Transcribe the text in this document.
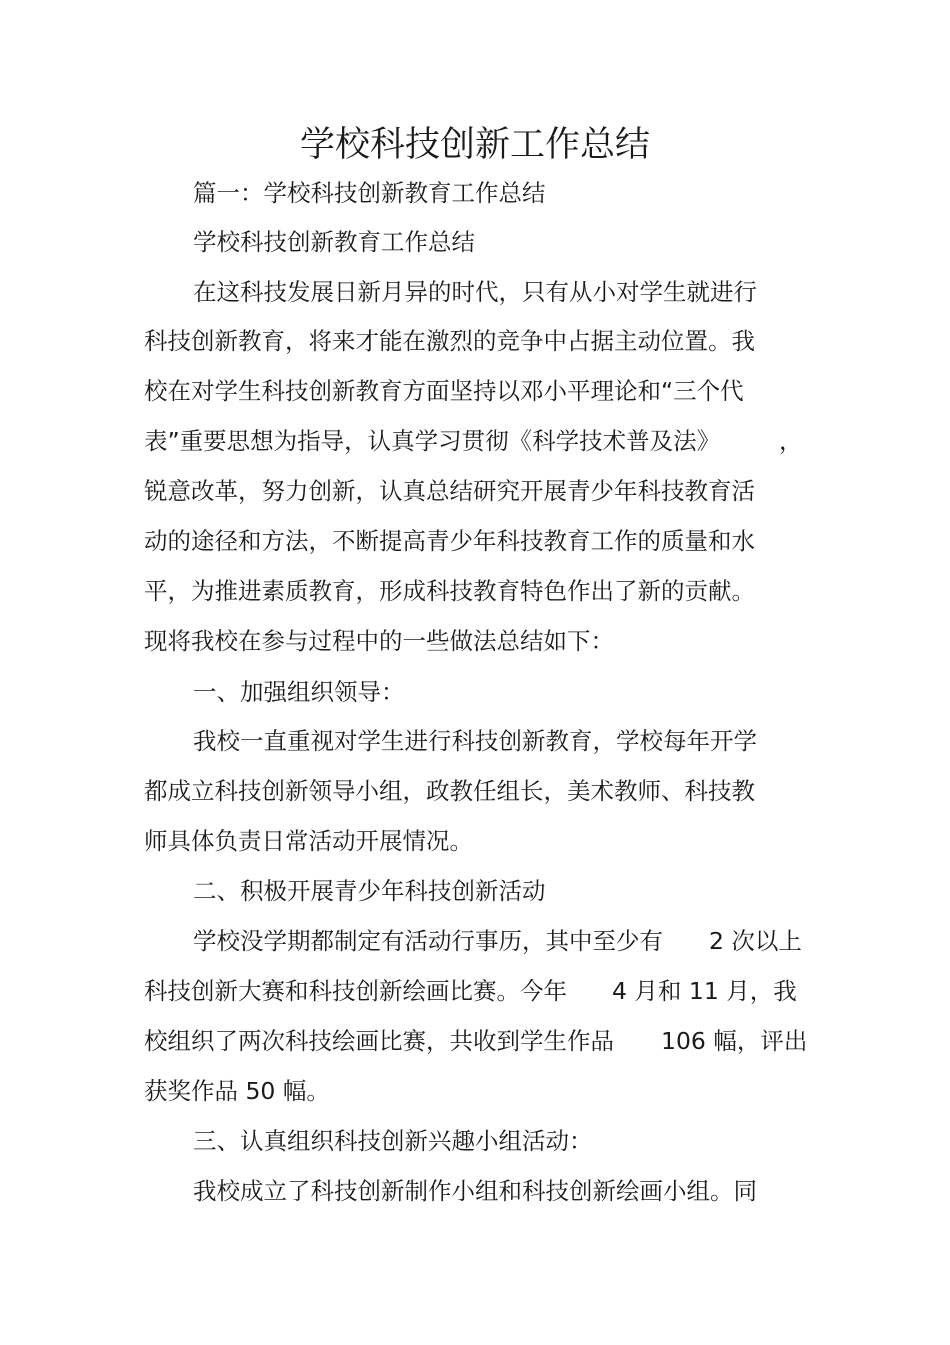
学校科技创新工作总结
篇一：学校科技创新教育工作总结
学校科技创新教育工作总结
在这科技发展日新月异的时代，只有从小对学生就进行
科技创新教育，将来才能在激烈的竞争中占据主动位置。我
校在对学生科技创新教育方面坚持以邓小平理论和“三个代
表”重要思想为指导，认真学习贯彻《科学技术普及法》	，
锐意改革，努力创新，认真总结研究开展青少年科技教育活
动的途径和方法，不断提高青少年科技教育工作的质量和水
平，为推进素质教育，形成科技教育特色作出了新的贡献。
现将我校在参与过程中的一些做法总结如下：
一、加强组织领导：
我校一直重视对学生进行科技创新教育，学校每年开学
都成立科技创新领导小组，政教任组长，美术教师、科技教
师具体负责日常活动开展情况。
二、积极开展青少年科技创新活动
学校没学期都制定有活动行事历，其中至少有 2 次以上
科技创新大赛和科技创新绘画比赛。今年 4 月和 11 月，我
校组织了两次科技绘画比赛，共收到学生作品 106 幅，评出
获奖作品 50 幅。
三、认真组织科技创新兴趣小组活动：
我校成立了科技创新制作小组和科技创新绘画小组。同
